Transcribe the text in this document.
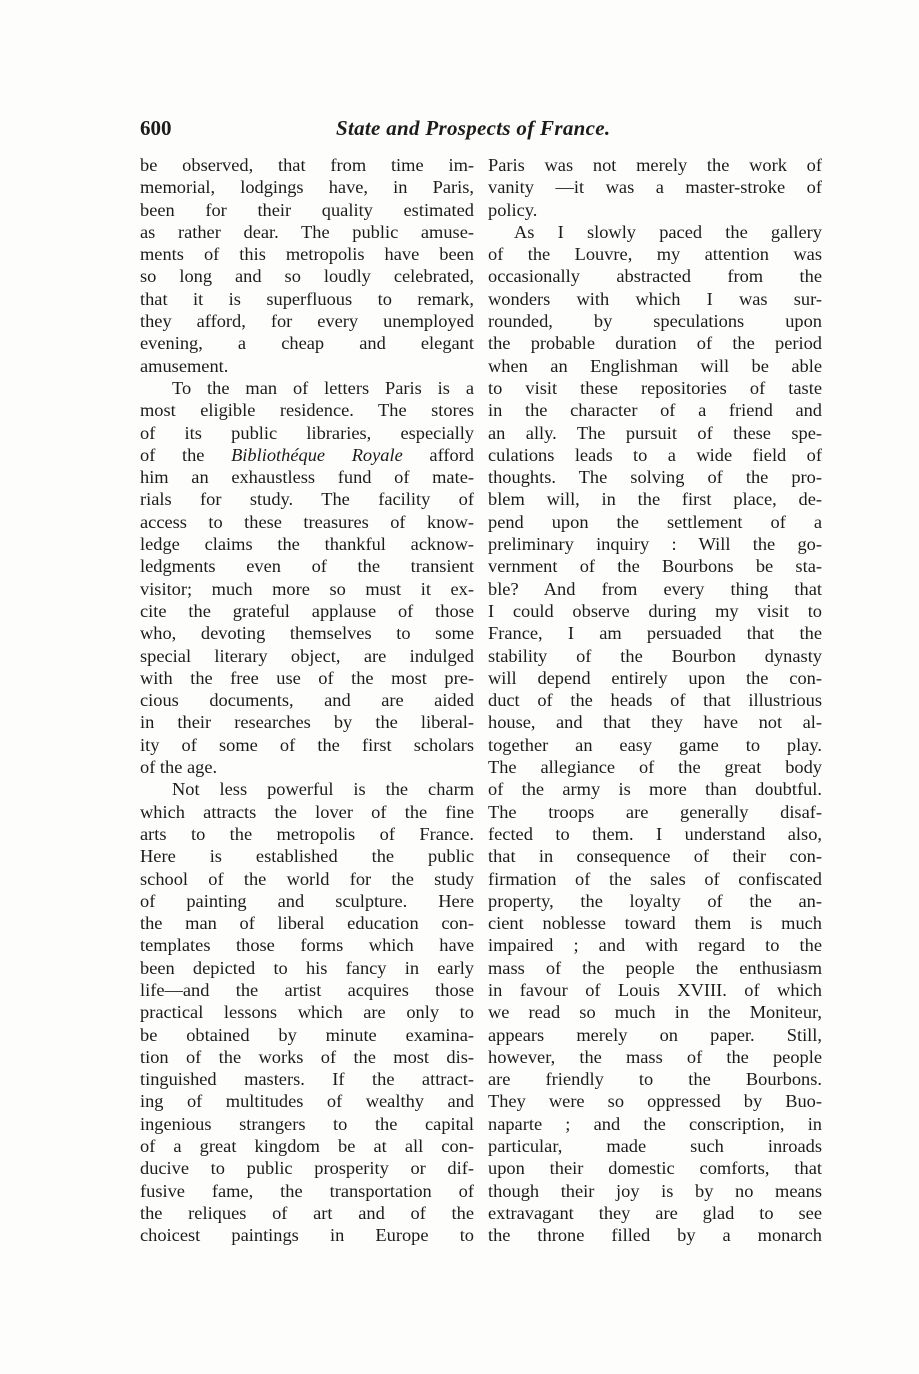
600	State and Prospects of France.
be observed, that from time im-
memorial, lodgings have, in Paris,
been for their quality estimated
as rather dear. The public amuse-
ments of this metropolis have been
so long and so loudly celebrated,
that it is superfluous to remark,
they afford, for every unemployed
evening, a cheap and elegant
amusement.
To the man of letters Paris is a
most eligible residence. The stores
of its public libraries, especially
of the Bibliothéque Royale afford
him an exhaustless fund of mate-
rials for study. The facility of
access to these treasures of know-
ledge claims the thankful acknow-
ledgments even of the transient
visitor; much more so must it ex-
cite the grateful applause of those
who, devoting themselves to some
special literary object, are indulged
with the free use of the most pre-
cious documents, and are aided
in their researches by the liberal-
ity of some of the first scholars
of the age.
Not less powerful is the charm
which attracts the lover of the fine
arts to the metropolis of France.
Here is established the public
school of the world for the study
of painting and sculpture. Here
the man of liberal education con-
templates those forms which have
been depicted to his fancy in early
life—and the artist acquires those
practical lessons which are only to
be obtained by minute examina-
tion of the works of the most dis-
tinguished masters. If the attract-
ing of multitudes of wealthy and
ingenious strangers to the capital
of a great kingdom be at all con-
ducive to public prosperity or dif-
fusive fame, the transportation of
the reliques of art and of the
choicest paintings in Europe to
Paris was not merely the work of
vanity —it was a master-stroke of
policy.
As I slowly paced the gallery
of the Louvre, my attention was
occasionally abstracted from the
wonders with which I was sur-
rounded, by speculations upon
the probable duration of the period
when an Englishman will be able
to visit these repositories of taste
in the character of a friend and
an ally. The pursuit of these spe-
culations leads to a wide field of
thoughts. The solving of the pro-
blem will, in the first place, de-
pend upon the settlement of a
preliminary inquiry : Will the go-
vernment of the Bourbons be sta-
ble? And from every thing that
I could observe during my visit to
France, I am persuaded that the
stability of the Bourbon dynasty
will depend entirely upon the con-
duct of the heads of that illustrious
house, and that they have not al-
together an easy game to play.
The allegiance of the great body
of the army is more than doubtful.
The troops are generally disaf-
fected to them. I understand also,
that in consequence of their con-
firmation of the sales of confiscated
property, the loyalty of the an-
cient noblesse toward them is much
impaired ; and with regard to the
mass of the people the enthusiasm
in favour of Louis XVIII. of which
we read so much in the Moniteur,
appears merely on paper. Still,
however, the mass of the people
are friendly to the Bourbons.
They were so oppressed by Buo-
naparte ; and the conscription, in
particular, made such inroads
upon their domestic comforts, that
though their joy is by no means
extravagant they are glad to see
the throne filled by a monarch
